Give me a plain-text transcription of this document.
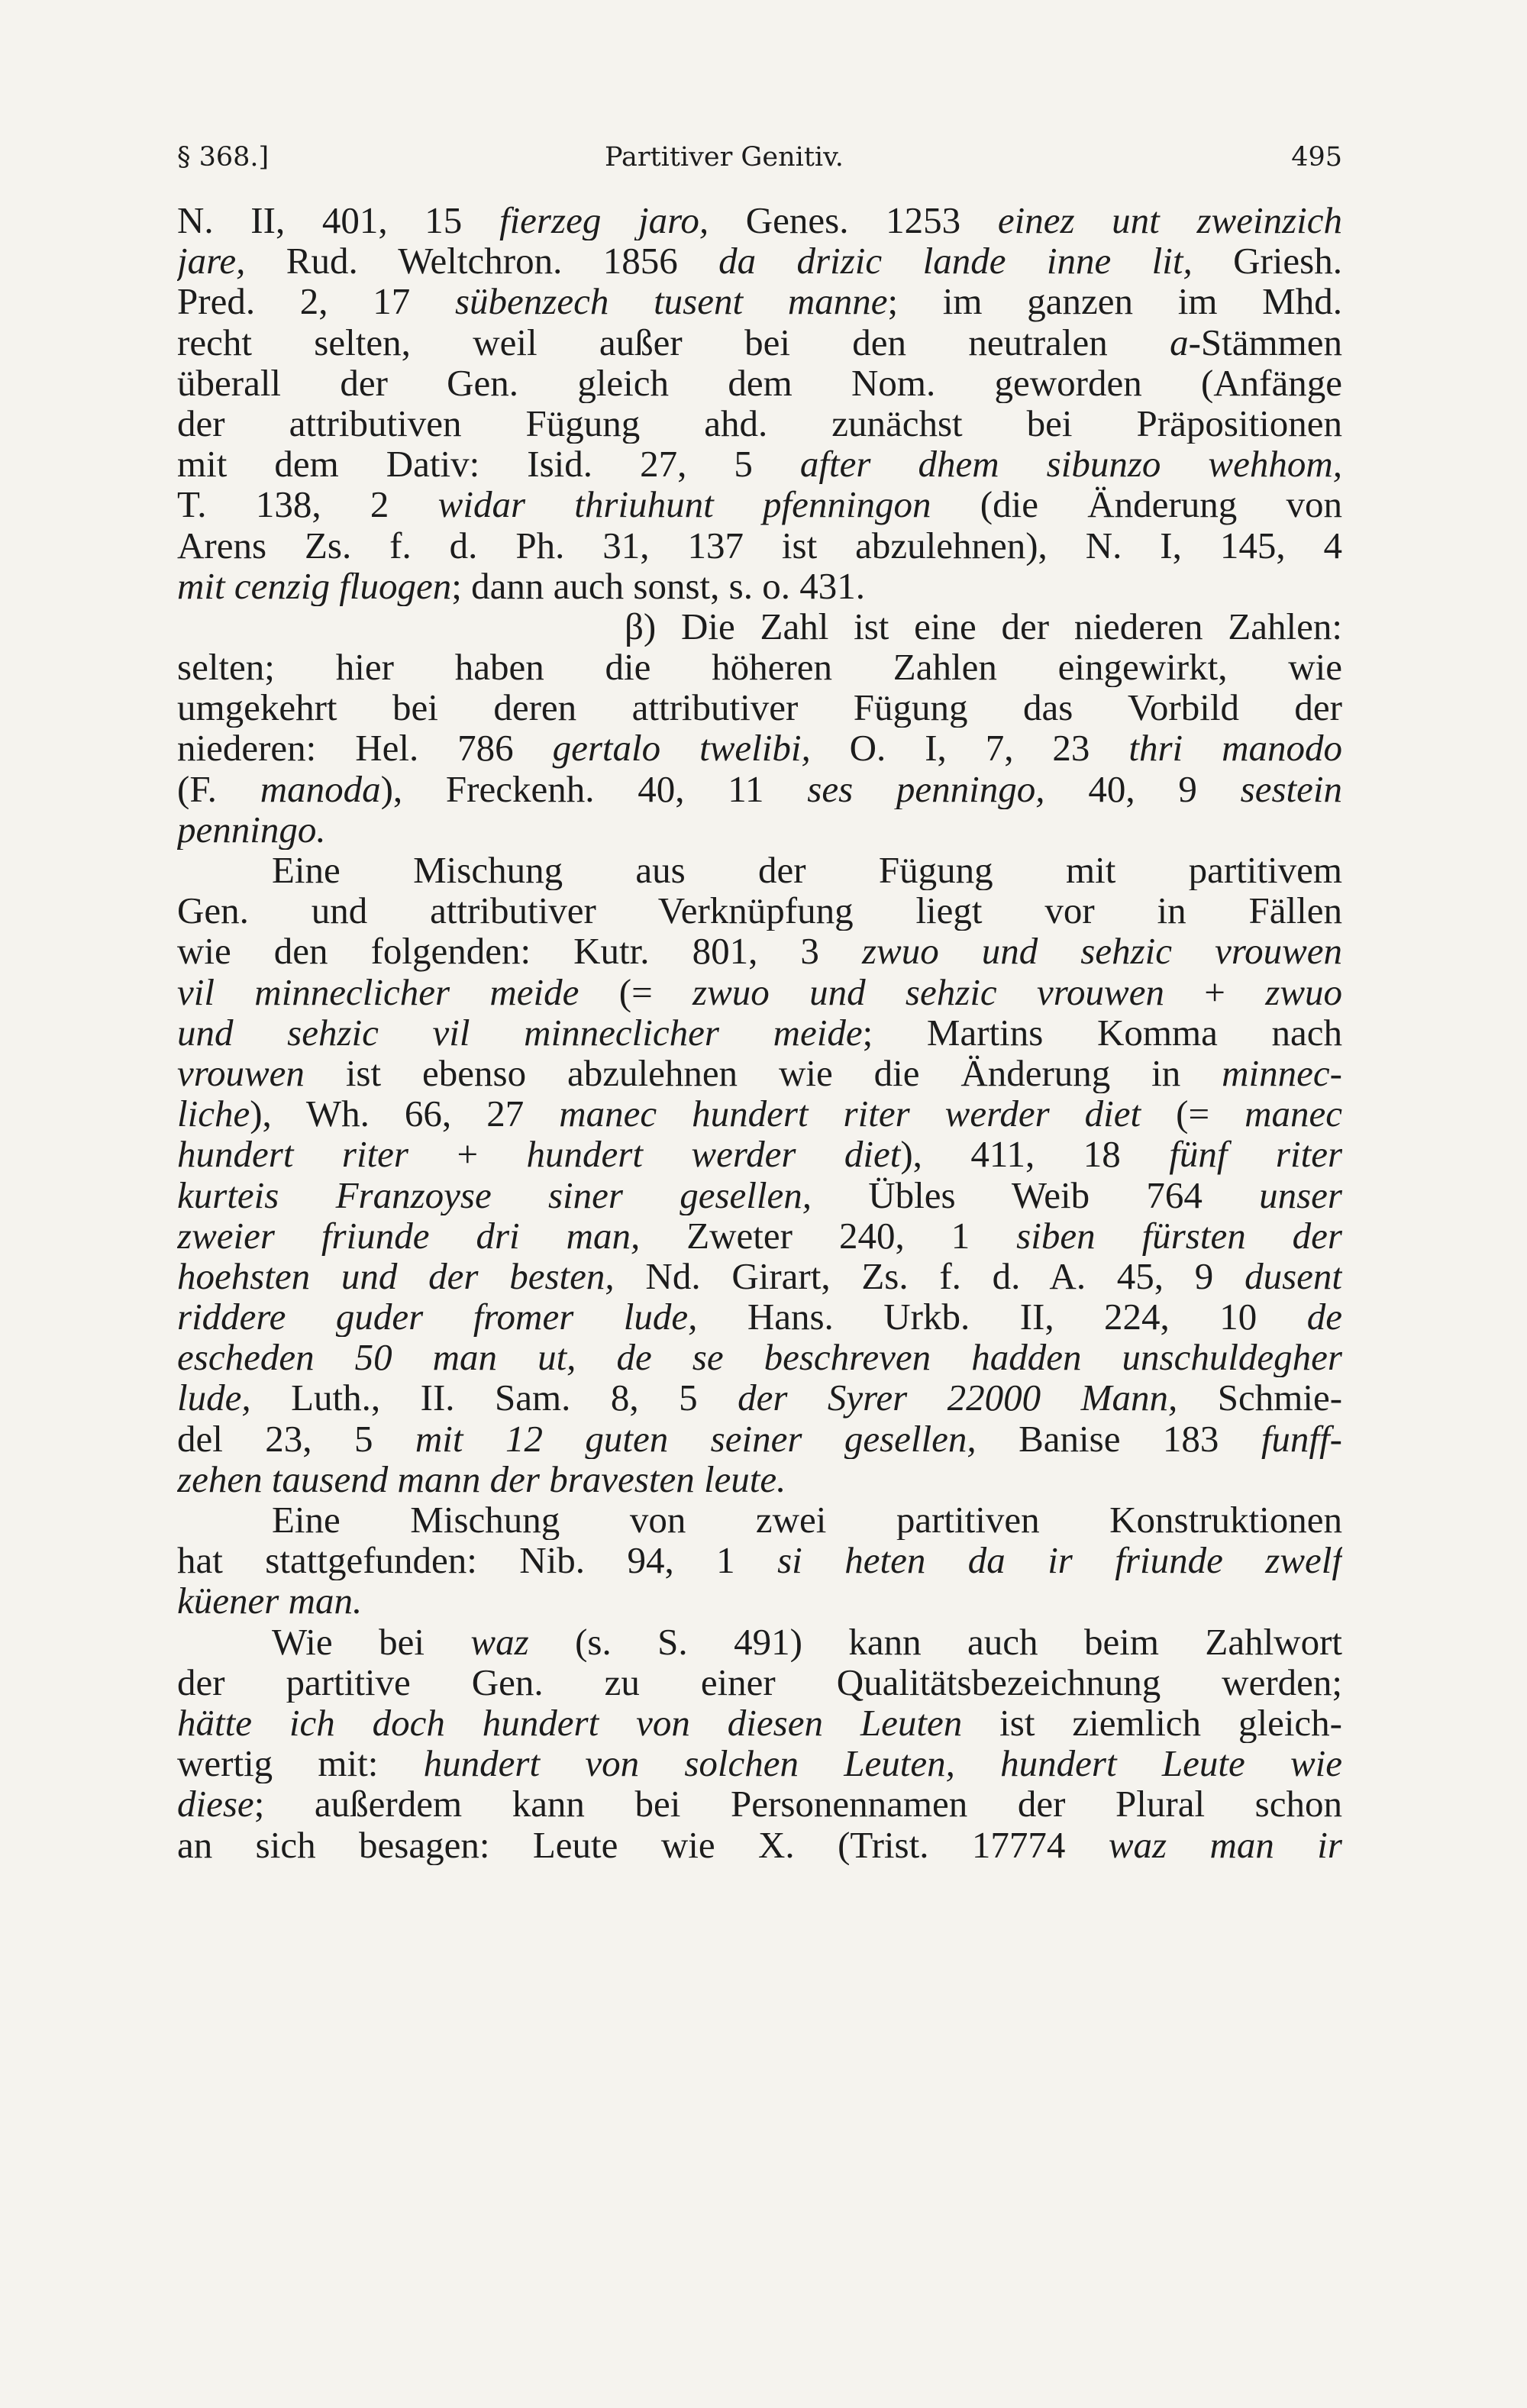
§ 368.]	Partitiver Genitiv.	495
N. II, 401, 15 fierzeg jaro, Genes. 1253 einez unt zweinzich
jare, Rud. Weltchron. 1856 da drizic lande inne lit, Griesh.
Pred. 2, 17 sübenzech tusent manne; im ganzen im Mhd.
recht selten, weil außer bei den neutralen a-Stämmen
überall der Gen. gleich dem Nom. geworden (Anfänge
der attributiven Fügung ahd. zunächst bei Präpositionen
mit dem Dativ: Isid. 27, 5 after dhem sibunzo wehhom,
T. 138, 2 widar thriuhunt pfenningon (die Änderung von
Arens Zs. f. d. Ph. 31, 137 ist abzulehnen), N. I, 145, 4
mit cenzig fluogen; dann auch sonst, s. o. 431.
β) Die Zahl ist eine der niederen Zahlen:
selten; hier haben die höheren Zahlen eingewirkt, wie
umgekehrt bei deren attributiver Fügung das Vorbild der
niederen: Hel. 786 gertalo twelibi, O. I, 7, 23 thri manodo
(F. manoda), Freckenh. 40, 11 ses penningo, 40, 9 sestein
penningo.
Eine Mischung aus der Fügung mit partitivem
Gen. und attributiver Verknüpfung liegt vor in Fällen
wie den folgenden: Kutr. 801, 3 zwuo und sehzic vrouwen
vil minneclicher meide (= zwuo und sehzic vrouwen + zwuo
und sehzic vil minneclicher meide; Martins Komma nach
vrouwen ist ebenso abzulehnen wie die Änderung in minnec-
liche), Wh. 66, 27 manec hundert riter werder diet (= manec
hundert riter + hundert werder diet), 411, 18 fünf riter
kurteis Franzoyse siner gesellen, Übles Weib 764 unser
zweier friunde dri man, Zweter 240, 1 siben fürsten der
hoehsten und der besten, Nd. Girart, Zs. f. d. A. 45, 9 dusent
riddere guder fromer lude, Hans. Urkb. II, 224, 10 de
escheden 50 man ut, de se beschreven hadden unschuldegher
lude, Luth., II. Sam. 8, 5 der Syrer 22000 Mann, Schmie-
del 23, 5 mit 12 guten seiner gesellen, Banise 183 funff-
zehen tausend mann der bravesten leute.
Eine Mischung von zwei partitiven Konstruktionen
hat stattgefunden: Nib. 94, 1 si heten da ir friunde zwelf
küener man.
Wie bei waz (s. S. 491) kann auch beim Zahlwort
der partitive Gen. zu einer Qualitätsbezeichnung werden;
hätte ich doch hundert von diesen Leuten ist ziemlich gleich-
wertig mit: hundert von solchen Leuten, hundert Leute wie
diese; außerdem kann bei Personennamen der Plural schon
an sich besagen: Leute wie X. (Trist. 17774 waz man ir
